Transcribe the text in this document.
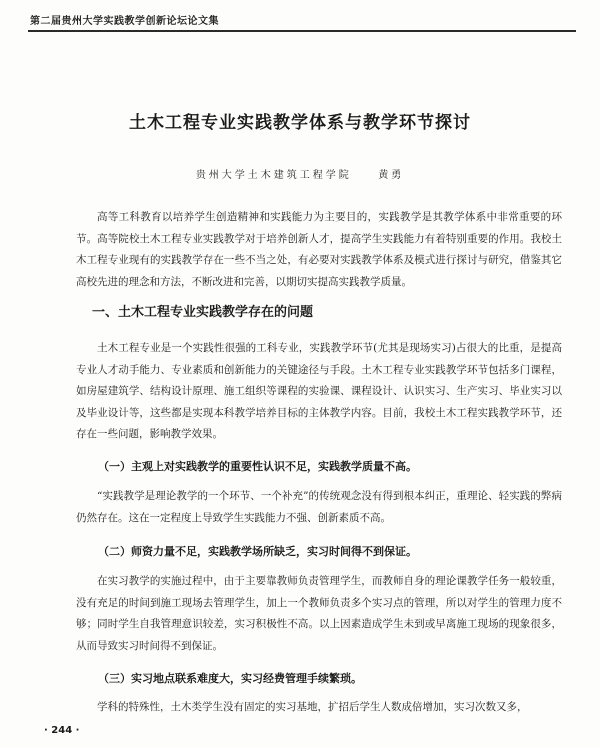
第二届贵州大学实践教学创新论坛论文集
土木工程专业实践教学体系与教学环节探讨
贵州大学土木建筑工程学院	黄勇

高等工科教育以培养学生创造精神和实践能力为主要目的，实践教学是其教学体系中非常重要的环节。高等院校土木工程专业实践教学对于培养创新人才，提高学生实践能力有着特别重要的作用。我校土木工程专业现有的实践教学存在一些不当之处，有必要对实践教学体系及模式进行探讨与研究，借鉴其它高校先进的理念和方法，不断改进和完善，以期切实提高实践教学质量。

一、土木工程专业实践教学存在的问题

土木工程专业是一个实践性很强的工科专业，实践教学环节(尤其是现场实习)占很大的比重，是提高专业人才动手能力、专业素质和创新能力的关键途径与手段。土木工程专业实践教学环节包括多门课程，如房屋建筑学、结构设计原理、施工组织等课程的实验课、课程设计、认识实习、生产实习、毕业实习以及毕业设计等，这些都是实现本科教学培养目标的主体教学内容。目前，我校土木工程实践教学环节，还存在一些问题，影响教学效果。

（一）主观上对实践教学的重要性认识不足，实践教学质量不高。

“实践教学是理论教学的一个环节、一个补充”的传统观念没有得到根本纠正，重理论、轻实践的弊病仍然存在。这在一定程度上导致学生实践能力不强、创新素质不高。

（二）师资力量不足，实践教学场所缺乏，实习时间得不到保证。

在实习教学的实施过程中，由于主要靠教师负责管理学生，而教师自身的理论课教学任务一般较重，没有充足的时间到施工现场去管理学生，加上一个教师负责多个实习点的管理，所以对学生的管理力度不够；同时学生自我管理意识较差，实习积极性不高。以上因素造成学生未到或早离施工现场的现象很多，从而导致实习时间得不到保证。

（三）实习地点联系难度大，实习经费管理手续繁琐。

学科的特殊性，土木类学生没有固定的实习基地，扩招后学生人数成倍增加，实习次数又多，

· 244 ·
